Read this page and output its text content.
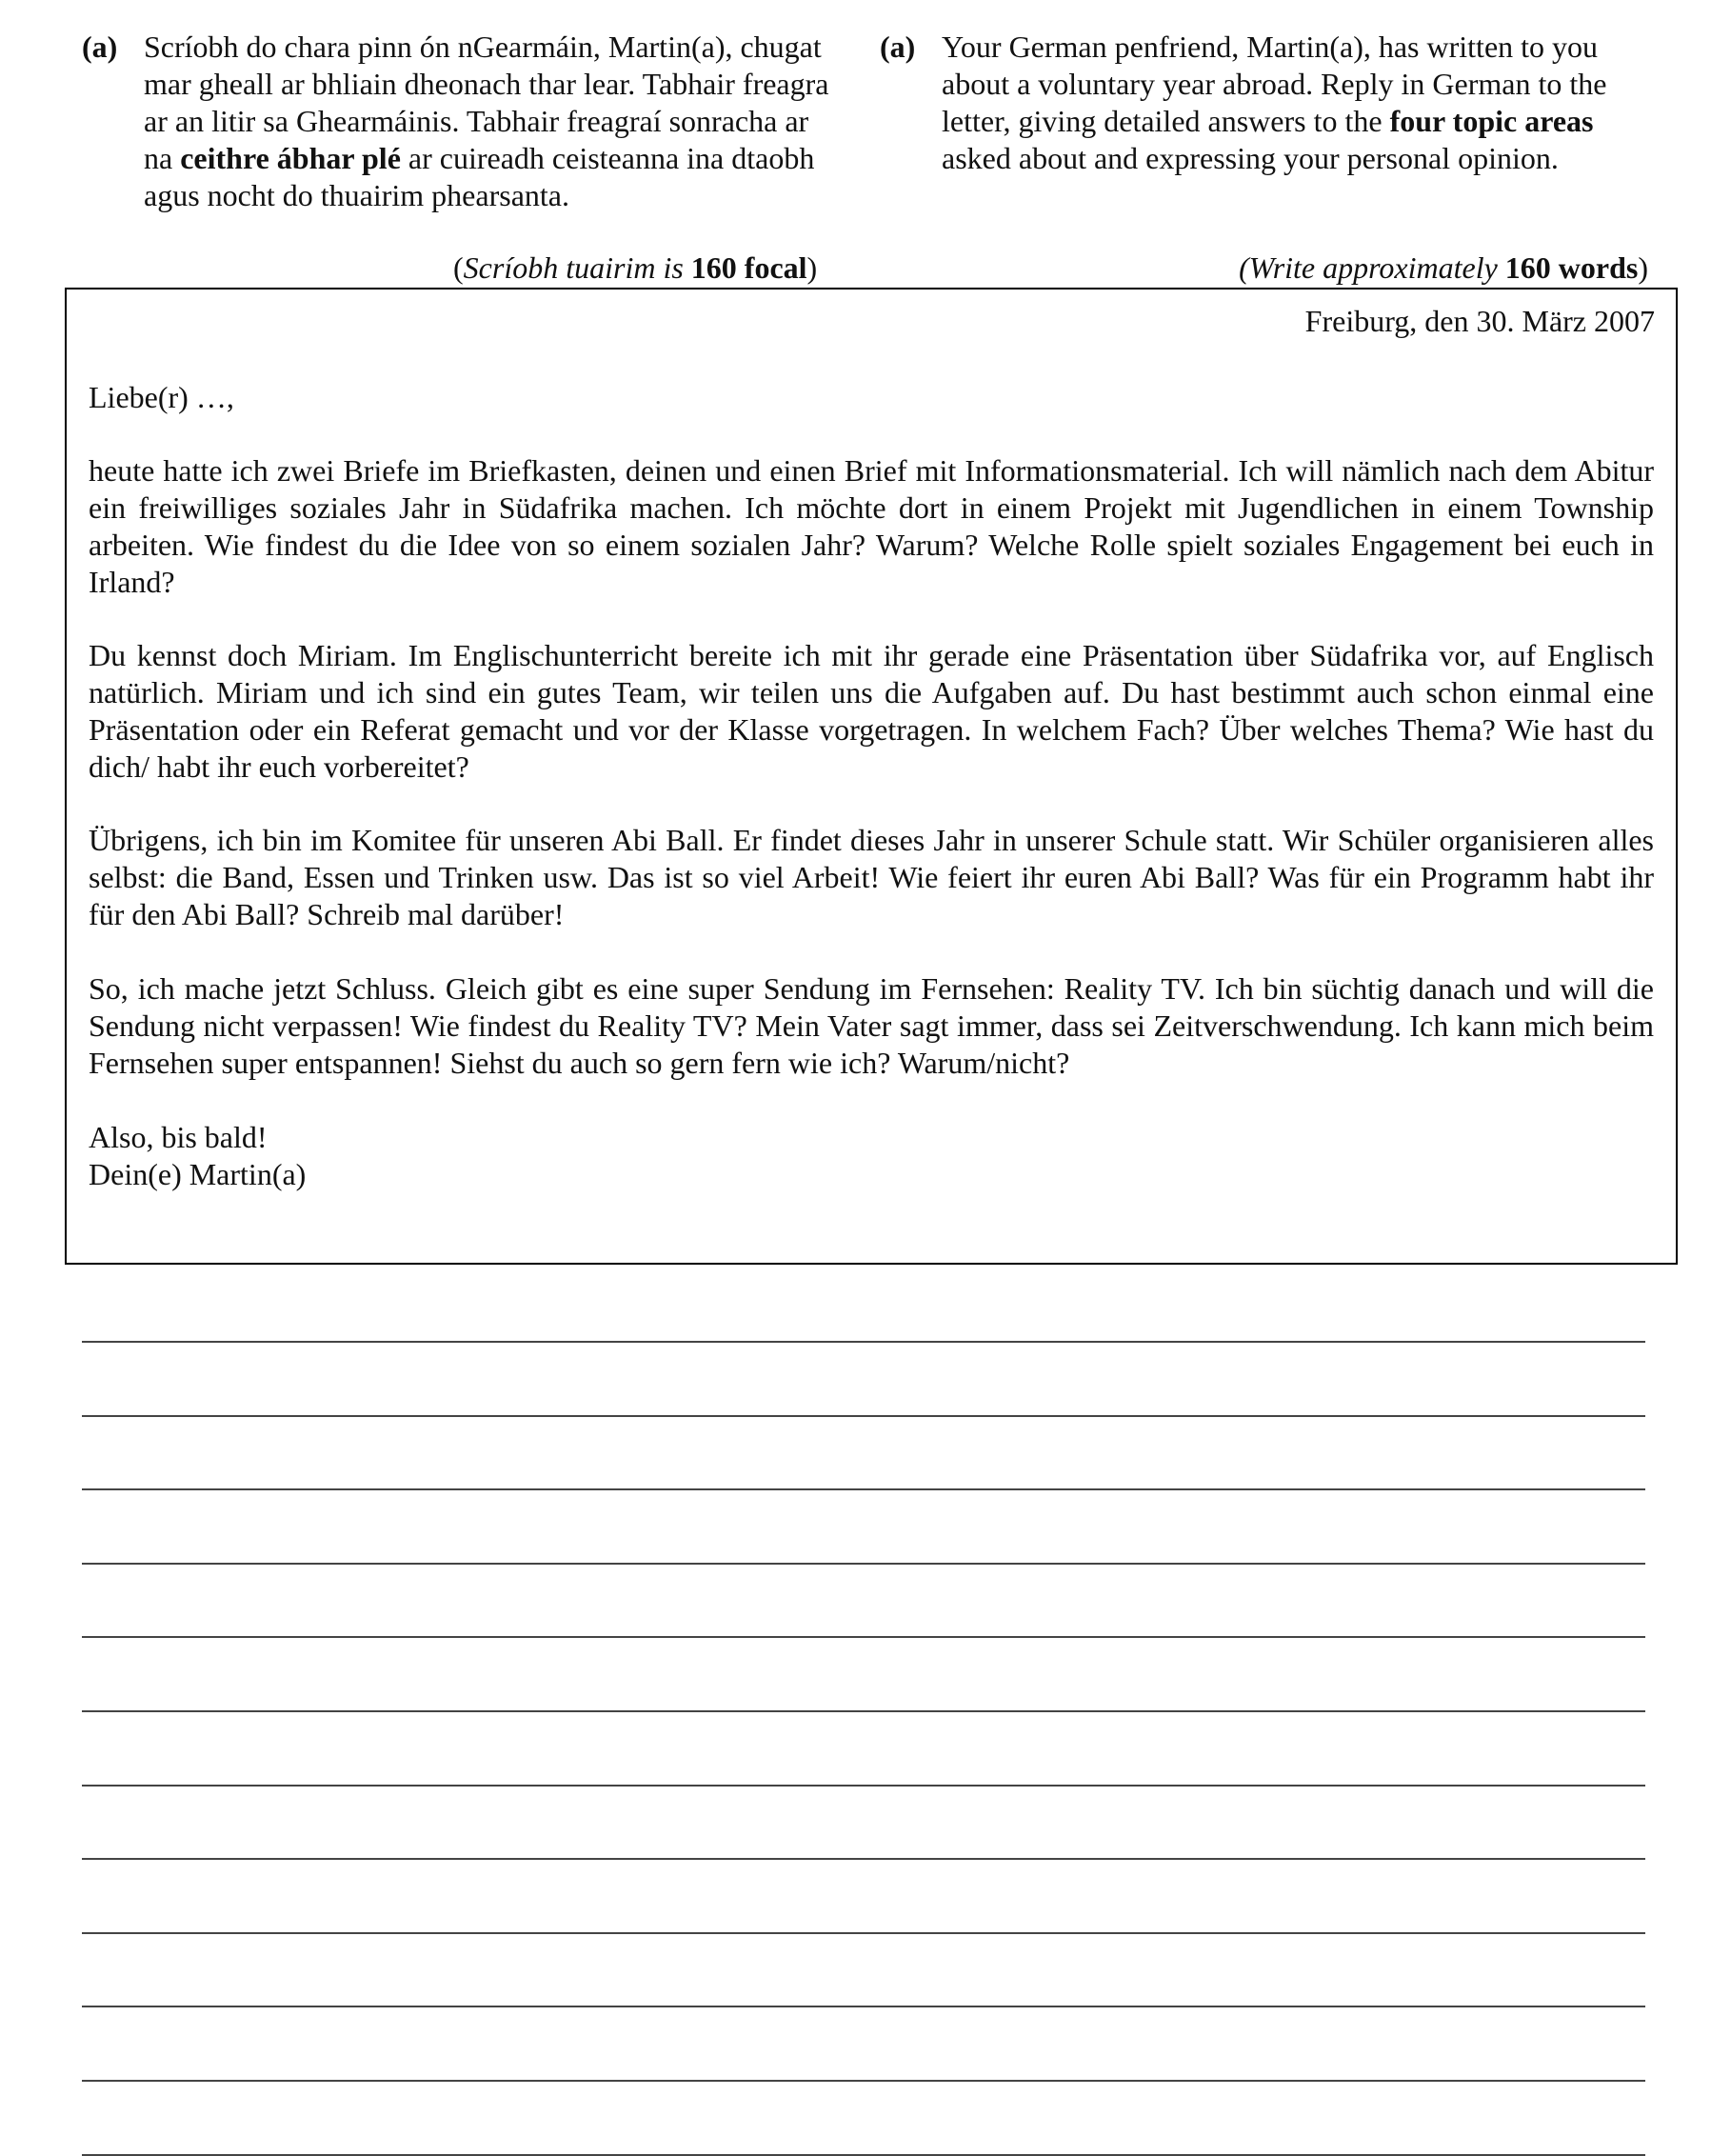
(a) Scríobh do chara pinn ón nGearmáin, Martin(a), chugat mar gheall ar bhliain dheonach thar lear. Tabhair freagra ar an litir sa Ghearmáinis. Tabhair freagraí sonracha ar na ceithre ábhar plé ar cuireadh ceisteanna ina dtaobh agus nocht do thuairim phearsanta.
(a) Your German penfriend, Martin(a), has written to you about a voluntary year abroad. Reply in German to the letter, giving detailed answers to the four topic areas asked about and expressing your personal opinion.
(Scríobh tuairim is 160 focal)	(Write approximately 160 words)
Freiburg, den 30. März 2007
Liebe(r) …,
heute hatte ich zwei Briefe im Briefkasten, deinen und einen Brief mit Informationsmaterial. Ich will nämlich nach dem Abitur ein freiwilliges soziales Jahr in Südafrika machen. Ich möchte dort in einem Projekt mit Jugendlichen in einem Township arbeiten. Wie findest du die Idee von so einem sozialen Jahr? Warum? Welche Rolle spielt soziales Engagement bei euch in Irland?
Du kennst doch Miriam. Im Englischunterricht bereite ich mit ihr gerade eine Präsentation über Südafrika vor, auf Englisch natürlich. Miriam und ich sind ein gutes Team, wir teilen uns die Aufgaben auf. Du hast bestimmt auch schon einmal eine Präsentation oder ein Referat gemacht und vor der Klasse vorgetragen. In welchem Fach? Über welches Thema? Wie hast du dich/ habt ihr euch vorbereitet?
Übrigens, ich bin im Komitee für unseren Abi Ball. Er findet dieses Jahr in unserer Schule statt. Wir Schüler organisieren alles selbst: die Band, Essen und Trinken usw. Das ist so viel Arbeit! Wie feiert ihr euren Abi Ball? Was für ein Programm habt ihr für den Abi Ball? Schreib mal darüber!
So, ich mache jetzt Schluss. Gleich gibt es eine super Sendung im Fernsehen: Reality TV. Ich bin süchtig danach und will die Sendung nicht verpassen! Wie findest du Reality TV? Mein Vater sagt immer, dass sei Zeitverschwendung. Ich kann mich beim Fernsehen super entspannen! Siehst du auch so gern fern wie ich? Warum/nicht?
Also, bis bald!
Dein(e) Martin(a)
